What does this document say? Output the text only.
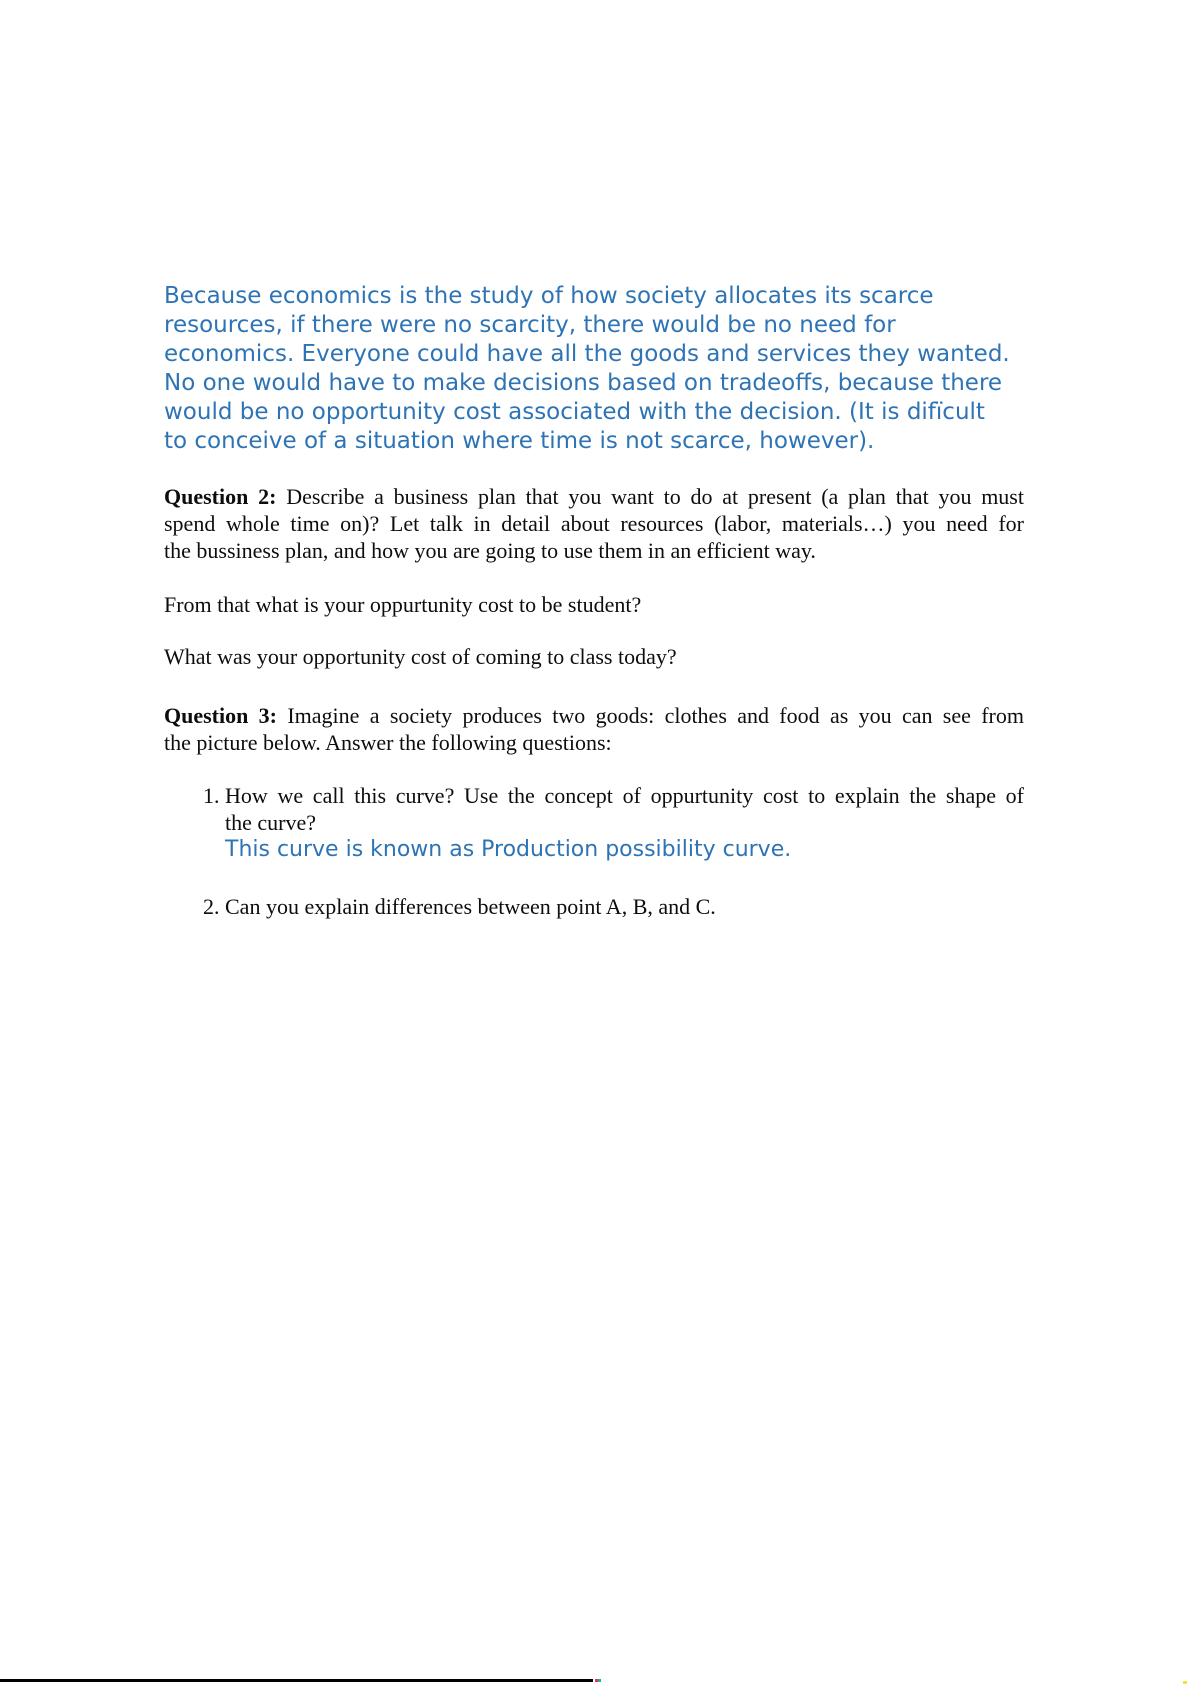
Because economics is the study of how society allocates its scarce
resources, if there were no scarcity, there would be no need for
economics. Everyone could have all the goods and services they wanted.
No one would have to make decisions based on tradeoffs, because there
would be no opportunity cost associated with the decision. (It is difïcult
to conceive of a situation where time is not scarce, however).
Question 2: Describe a business plan that you want to do at present (a plan that you must
spend whole time on)? Let talk in detail about resources (labor, materials…) you need for
the bussiness plan, and how you are going to use them in an efficient way.
From that what is your oppurtunity cost to be student?
What was your opportunity cost of coming to class today?
Question 3: Imagine a society produces two goods: clothes and food as you can see from
the picture below. Answer the following questions:
1. How we call this curve? Use the concept of oppurtunity cost to explain the shape of
the curve?
This curve is known as Production possibility curve.
2. Can you explain differences between point A, B, and C.
